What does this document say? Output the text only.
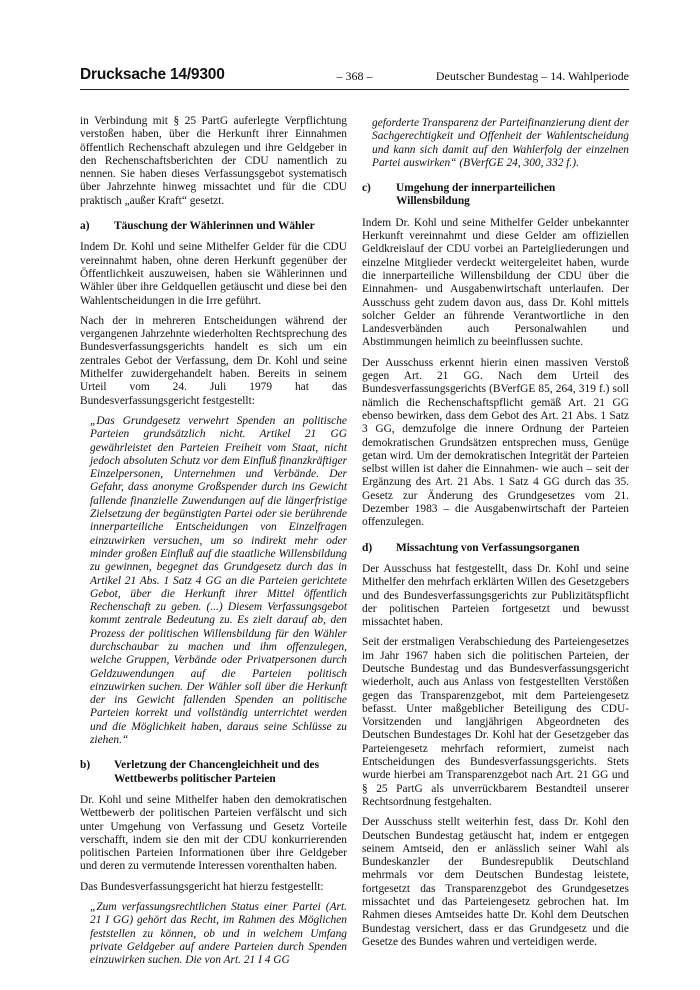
Drucksache 14/9300	– 368 –	Deutscher Bundestag – 14. Wahlperiode

in Verbindung mit § 25 PartG auferlegte Verpflichtung verstoßen haben, über die Herkunft ihrer Einnahmen öffentlich Rechenschaft abzulegen und ihre Geldgeber in den Rechenschaftsberichten der CDU namentlich zu nennen. Sie haben dieses Verfassungsgebot systematisch über Jahrzehnte hinweg missachtet und für die CDU praktisch „außer Kraft“ gesetzt.

a)	Täuschung der Wählerinnen und Wähler

Indem Dr. Kohl und seine Mithelfer Gelder für die CDU vereinnahmt haben, ohne deren Herkunft gegenüber der Öffentlichkeit auszuweisen, haben sie Wählerinnen und Wähler über ihre Geldquellen getäuscht und diese bei den Wahlentscheidungen in die Irre geführt.

Nach der in mehreren Entscheidungen während der vergangenen Jahrzehnte wiederholten Rechtsprechung des Bundesverfassungsgerichts handelt es sich um ein zentrales Gebot der Verfassung, dem Dr. Kohl und seine Mithelfer zuwidergehandelt haben. Bereits in seinem Urteil vom 24. Juli 1979 hat das Bundesverfassungsgericht festgestellt:

„Das Grundgesetz verwehrt Spenden an politische Parteien grundsätzlich nicht. Artikel 21 GG gewährleistet den Parteien Freiheit vom Staat, nicht jedoch absoluten Schutz vor dem Einfluß finanzkräftiger Einzelpersonen, Unternehmen und Verbände. Der Gefahr, dass anonyme Großspender durch ins Gewicht fallende finanzielle Zuwendungen auf die längerfristige Zielsetzung der begünstigten Partei oder sie berührende innerparteiliche Entscheidungen von Einzelfragen einzuwirken versuchen, um so indirekt mehr oder minder großen Einfluß auf die staatliche Willensbildung zu gewinnen, begegnet das Grundgesetz durch das in Artikel 21 Abs. 1 Satz 4 GG an die Parteien gerichtete Gebot, über die Herkunft ihrer Mittel öffentlich Rechenschaft zu geben. (...) Diesem Verfassungsgebot kommt zentrale Bedeutung zu. Es zielt darauf ab, den Prozess der politischen Willensbildung für den Wähler durchschaubar zu machen und ihm offenzulegen, welche Gruppen, Verbände oder Privatpersonen durch Geldzuwendungen auf die Parteien politisch einzuwirken suchen. Der Wähler soll über die Herkunft der ins Gewicht fallenden Spenden an politische Parteien korrekt und vollständig unterrichtet werden und die Möglichkeit haben, daraus seine Schlüsse zu ziehen.“

b)	Verletzung der Chancengleichheit und des Wettbewerbs politischer Parteien

Dr. Kohl und seine Mithelfer haben den demokratischen Wettbewerb der politischen Parteien verfälscht und sich unter Umgehung von Verfassung und Gesetz Vorteile verschafft, indem sie den mit der CDU konkurrierenden politischen Parteien Informationen über ihre Geldgeber und deren zu vermutende Interessen vorenthalten haben.

Das Bundesverfassungsgericht hat hierzu festgestellt:

„Zum verfassungsrechtlichen Status einer Partei (Art. 21 I GG) gehört das Recht, im Rahmen des Möglichen feststellen zu können, ob und in welchem Umfang private Geldgeber auf andere Parteien durch Spenden einzuwirken suchen. Die von Art. 21 I 4 GG

geforderte Transparenz der Parteifinanzierung dient der Sachgerechtigkeit und Offenheit der Wahlentscheidung und kann sich damit auf den Wahlerfolg der einzelnen Partei auswirken“ (BVerfGE 24, 300, 332 f.).

c)	Umgehung der innerparteilichen Willensbildung

Indem Dr. Kohl und seine Mithelfer Gelder unbekannter Herkunft vereinnahmt und diese Gelder am offiziellen Geldkreislauf der CDU vorbei an Parteigliederungen und einzelne Mitglieder verdeckt weitergeleitet haben, wurde die innerparteiliche Willensbildung der CDU über die Einnahmen- und Ausgabenwirtschaft unterlaufen. Der Ausschuss geht zudem davon aus, dass Dr. Kohl mittels solcher Gelder an führende Verantwortliche in den Landesverbänden auch Personalwahlen und Abstimmungen heimlich zu beeinflussen suchte.

Der Ausschuss erkennt hierin einen massiven Verstoß gegen Art. 21 GG. Nach dem Urteil des Bundesverfassungsgerichts (BVerfGE 85, 264, 319 f.) soll nämlich die Rechenschaftspflicht gemäß Art. 21 GG ebenso bewirken, dass dem Gebot des Art. 21 Abs. 1 Satz 3 GG, demzufolge die innere Ordnung der Parteien demokratischen Grundsätzen entsprechen muss, Genüge getan wird. Um der demokratischen Integrität der Parteien selbst willen ist daher die Einnahmen- wie auch – seit der Ergänzung des Art. 21 Abs. 1 Satz 4 GG durch das 35. Gesetz zur Änderung des Grundgesetzes vom 21. Dezember 1983 – die Ausgabenwirtschaft der Parteien offenzulegen.

d)	Missachtung von Verfassungsorganen

Der Ausschuss hat festgestellt, dass Dr. Kohl und seine Mithelfer den mehrfach erklärten Willen des Gesetzgebers und des Bundesverfassungsgerichts zur Publizitätspflicht der politischen Parteien fortgesetzt und bewusst missachtet haben.

Seit der erstmaligen Verabschiedung des Parteiengesetzes im Jahr 1967 haben sich die politischen Parteien, der Deutsche Bundestag und das Bundesverfassungsgericht wiederholt, auch aus Anlass von festgestellten Verstößen gegen das Transparenzgebot, mit dem Parteiengesetz befasst. Unter maßgeblicher Beteiligung des CDU-Vorsitzenden und langjährigen Abgeordneten des Deutschen Bundestages Dr. Kohl hat der Gesetzgeber das Parteiengesetz mehrfach reformiert, zumeist nach Entscheidungen des Bundesverfassungsgerichts. Stets wurde hierbei am Transparenzgebot nach Art. 21 GG und § 25 PartG als unverrückbarem Bestandteil unserer Rechtsordnung festgehalten.

Der Ausschuss stellt weiterhin fest, dass Dr. Kohl den Deutschen Bundestag getäuscht hat, indem er entgegen seinem Amtseid, den er anlässlich seiner Wahl als Bundeskanzler der Bundesrepublik Deutschland mehrmals vor dem Deutschen Bundestag leistete, fortgesetzt das Transparenzgebot des Grundgesetzes missachtet und das Parteiengesetz gebrochen hat. Im Rahmen dieses Amtseides hatte Dr. Kohl dem Deutschen Bundestag versichert, dass er das Grundgesetz und die Gesetze des Bundes wahren und verteidigen werde.
